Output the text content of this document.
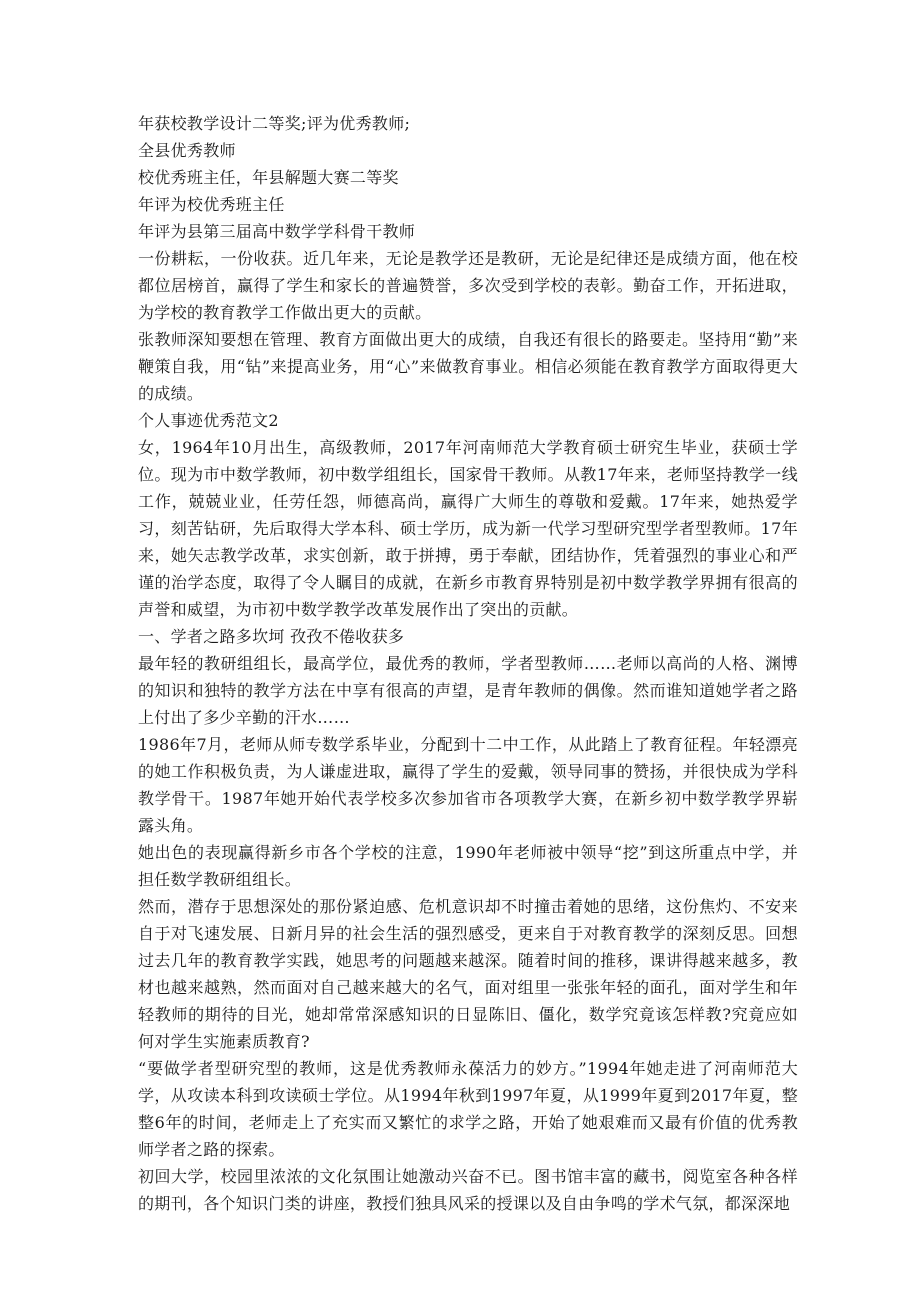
年获校教学设计二等奖;评为优秀教师;

全县优秀教师

校优秀班主任，年县解题大赛二等奖

年评为校优秀班主任

年评为县第三届高中数学学科骨干教师

一份耕耘，一份收获。近几年来，无论是教学还是教研，无论是纪律还是成绩方面，他在校都位居榜首，赢得了学生和家长的普遍赞誉，多次受到学校的表彰。勤奋工作，开拓进取，为学校的教育教学工作做出更大的贡献。

张教师深知要想在管理、教育方面做出更大的成绩，自我还有很长的路要走。坚持用“勤”来鞭策自我，用“钻”来提高业务，用“心”来做教育事业。相信必须能在教育教学方面取得更大的成绩。

个人事迹优秀范文2

女，1964年10月出生，高级教师，2017年河南师范大学教育硕士研究生毕业，获硕士学位。现为市中数学教师，初中数学组组长，国家骨干教师。从教17年来，老师坚持教学一线工作，兢兢业业，任劳任怨，师德高尚，赢得广大师生的尊敬和爱戴。17年来，她热爱学习，刻苦钻研，先后取得大学本科、硕士学历，成为新一代学习型研究型学者型教师。17年来，她矢志教学改革，求实创新，敢于拼搏，勇于奉献，团结协作，凭着强烈的事业心和严谨的治学态度，取得了令人瞩目的成就，在新乡市教育界特别是初中数学教学界拥有很高的声誉和威望，为市初中数学教学改革发展作出了突出的贡献。

一、学者之路多坎坷 孜孜不倦收获多

最年轻的教研组组长，最高学位，最优秀的教师，学者型教师……老师以高尚的人格、渊博的知识和独特的教学方法在中享有很高的声望，是青年教师的偶像。然而谁知道她学者之路上付出了多少辛勤的汗水……

1986年7月，老师从师专数学系毕业，分配到十二中工作，从此踏上了教育征程。年轻漂亮的她工作积极负责，为人谦虚进取，赢得了学生的爱戴，领导同事的赞扬，并很快成为学科教学骨干。1987年她开始代表学校多次参加省市各项教学大赛，在新乡初中数学教学界崭露头角。

她出色的表现赢得新乡市各个学校的注意，1990年老师被中领导“挖”到这所重点中学，并担任数学教研组组长。

然而，潜存于思想深处的那份紧迫感、危机意识却不时撞击着她的思绪，这份焦灼、不安来自于对飞速发展、日新月异的社会生活的强烈感受，更来自于对教育教学的深刻反思。回想过去几年的教育教学实践，她思考的问题越来越深。随着时间的推移，课讲得越来越多，教材也越来越熟，然而面对自己越来越大的名气，面对组里一张张年轻的面孔，面对学生和年轻教师的期待的目光，她却常常深感知识的日显陈旧、僵化，数学究竟该怎样教?究竟应如何对学生实施素质教育?

“要做学者型研究型的教师，这是优秀教师永葆活力的妙方。”1994年她走进了河南师范大学，从攻读本科到攻读硕士学位。从1994年秋到1997年夏，从1999年夏到2017年夏，整整6年的时间，老师走上了充实而又繁忙的求学之路，开始了她艰难而又最有价值的优秀教师学者之路的探索。

初回大学，校园里浓浓的文化氛围让她激动兴奋不已。图书馆丰富的藏书，阅览室各种各样的期刊，各个知识门类的讲座，教授们独具风采的授课以及自由争鸣的学术气氛，都深深地
